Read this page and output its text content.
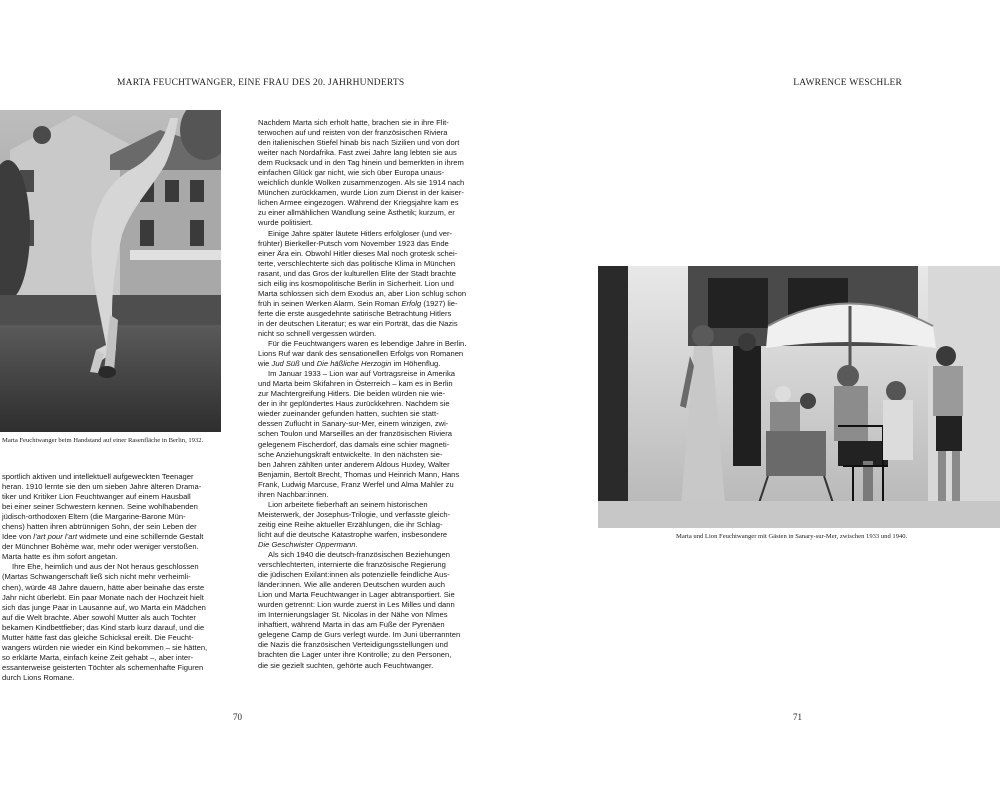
MARTA FEUCHTWANGER, EINE FRAU DES 20. JAHRHUNDERTS	LAWRENCE WESCHLER
Marta Feuchtwanger beim Handstand auf einer Rasenfläche in Berlin, 1932.
Marta und Lion Feuchtwanger mit Gästen in Sanary-sur-Mer, zwischen 1933 und 1940.
sportlich aktiven und intellektuell aufgeweckten Teenager
heran. 1910 lernte sie den um sieben Jahre älteren Drama-
tiker und Kritiker Lion Feuchtwanger auf einem Hausball
bei einer seiner Schwestern kennen. Seine wohlhabenden
jüdisch-orthodoxen Eltern (die Margarine-Barone Mün-
chens) hatten ihren abtrünnigen Sohn, der sein Leben der
Idee von l’art pour l’art widmete und eine schillernde Gestalt
der Münchner Bohème war, mehr oder weniger verstoßen.
Marta hatte es ihm sofort angetan.
Ihre Ehe, heimlich und aus der Not heraus geschlossen
(Martas Schwangerschaft ließ sich nicht mehr verheimli-
chen), würde 48 Jahre dauern, hätte aber beinahe das erste
Jahr nicht überlebt. Ein paar Monate nach der Hochzeit hielt
sich das junge Paar in Lausanne auf, wo Marta ein Mädchen
auf die Welt brachte. Aber sowohl Mutter als auch Tochter
bekamen Kindbettfieber; das Kind starb kurz darauf, und die
Mutter hätte fast das gleiche Schicksal ereilt. Die Feucht-
wangers würden nie wieder ein Kind bekommen – sie hätten,
so erklärte Marta, einfach keine Zeit gehabt –, aber inter-
essanterweise geisterten Töchter als schemenhafte Figuren
durch Lions Romane.
Nachdem Marta sich erholt hatte, brachen sie in ihre Flit-
terwochen auf und reisten von der französischen Riviera
den italienischen Stiefel hinab bis nach Sizilien und von dort
weiter nach Nordafrika. Fast zwei Jahre lang lebten sie aus
dem Rucksack und in den Tag hinein und bemerkten in ihrem
einfachen Glück gar nicht, wie sich über Europa unaus-
weichlich dunkle Wolken zusammenzogen. Als sie 1914 nach
München zurückkamen, wurde Lion zum Dienst in der kaiser-
lichen Armee eingezogen. Während der Kriegsjahre kam es
zu einer allmählichen Wandlung seine Ästhetik; kurzum, er
wurde politisiert.
Einige Jahre später läutete Hitlers erfolgloser (und ver-
frühter) Bierkeller-Putsch vom November 1923 das Ende
einer Ära ein. Obwohl Hitler dieses Mal noch grotesk schei-
terte, verschlechterte sich das politische Klima in München
rasant, und das Gros der kulturellen Elite der Stadt brachte
sich eilig ins kosmopolitische Berlin in Sicherheit. Lion und
Marta schlossen sich dem Exodus an, aber Lion schlug schon
früh in seinen Werken Alarm. Sein Roman Erfolg (1927) lie-
ferte die erste ausgedehnte satirische Betrachtung Hitlers
in der deutschen Literatur; es war ein Porträt, das die Nazis
nicht so schnell vergessen würden.
Für die Feuchtwangers waren es lebendige Jahre in Berlin.
Lions Ruf war dank des sensationellen Erfolgs von Romanen
wie Jud Süß und Die häßliche Herzogin im Höhenflug.
Im Januar 1933 – Lion war auf Vortragsreise in Amerika
und Marta beim Skifahren in Österreich – kam es in Berlin
zur Machtergreifung Hitlers. Die beiden würden nie wie-
der in ihr geplündertes Haus zurückkehren. Nachdem sie
wieder zueinander gefunden hatten, suchten sie statt-
dessen Zuflucht in Sanary-sur-Mer, einem winzigen, zwi-
schen Toulon und Marseilles an der französischen Riviera
gelegenem Fischerdorf, das damals eine schier magneti-
sche Anziehungskraft entwickelte. In den nächsten sie-
ben Jahren zählten unter anderem Aldous Huxley, Walter
Benjamin, Bertolt Brecht, Thomas und Heinrich Mann, Hans
Frank, Ludwig Marcuse, Franz Werfel und Alma Mahler zu
ihren Nachbar:innen.
Lion arbeitete fieberhaft an seinem historischen
Meisterwerk, der Josephus-Trilogie, und verfasste gleich-
zeitig eine Reihe aktueller Erzählungen, die ihr Schlag-
licht auf die deutsche Katastrophe warfen, insbesondere
Die Geschwister Oppermann.
Als sich 1940 die deutsch-französischen Beziehungen
verschlechterten, internierte die französische Regierung
die jüdischen Exilant:innen als potenzielle feindliche Aus-
länder:innen. Wie alle anderen Deutschen wurden auch
Lion und Marta Feuchtwanger in Lager abtransportiert. Sie
wurden getrennt: Lion wurde zuerst in Les Milles und dann
im Internierungslager St. Nicolas in der Nähe von Nîmes
inhaftiert, während Marta in das am Fuße der Pyrenäen
gelegene Camp de Gurs verlegt wurde. Im Juni überrannten
die Nazis die französischen Verteidigungsstellungen und
brachten die Lager unter ihre Kontrolle; zu den Personen,
die sie gezielt suchten, gehörte auch Feuchtwanger.
70	71
